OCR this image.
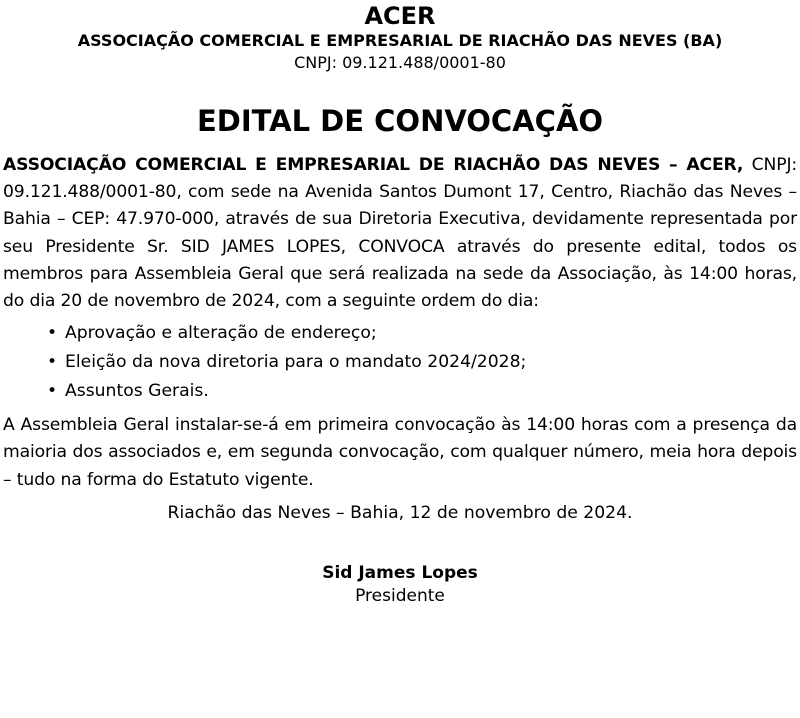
ACER
ASSOCIAÇÃO COMERCIAL E EMPRESARIAL DE RIACHÃO DAS NEVES (BA)
CNPJ: 09.121.488/0001-80
EDITAL DE CONVOCAÇÃO

ASSOCIAÇÃO COMERCIAL E EMPRESARIAL DE RIACHÃO DAS NEVES – ACER, CNPJ: 09.121.488/0001-80, com sede na Avenida Santos Dumont 17, Centro, Riachão das Neves – Bahia – CEP: 47.970-000, através de sua Diretoria Executiva, devidamente representada por seu Presidente Sr. SID JAMES LOPES, CONVOCA através do presente edital, todos os membros para Assembleia Geral que será realizada na sede da Associação, às 14:00 horas, do dia 20 de novembro de 2024, com a seguinte ordem do dia:

• Aprovação e alteração de endereço;
• Eleição da nova diretoria para o mandato 2024/2028;
• Assuntos Gerais.

A Assembleia Geral instalar-se-á em primeira convocação às 14:00 horas com a presença da maioria dos associados e, em segunda convocação, com qualquer número, meia hora depois – tudo na forma do Estatuto vigente.

Riachão das Neves – Bahia, 12 de novembro de 2024.
Sid James Lopes
Presidente
